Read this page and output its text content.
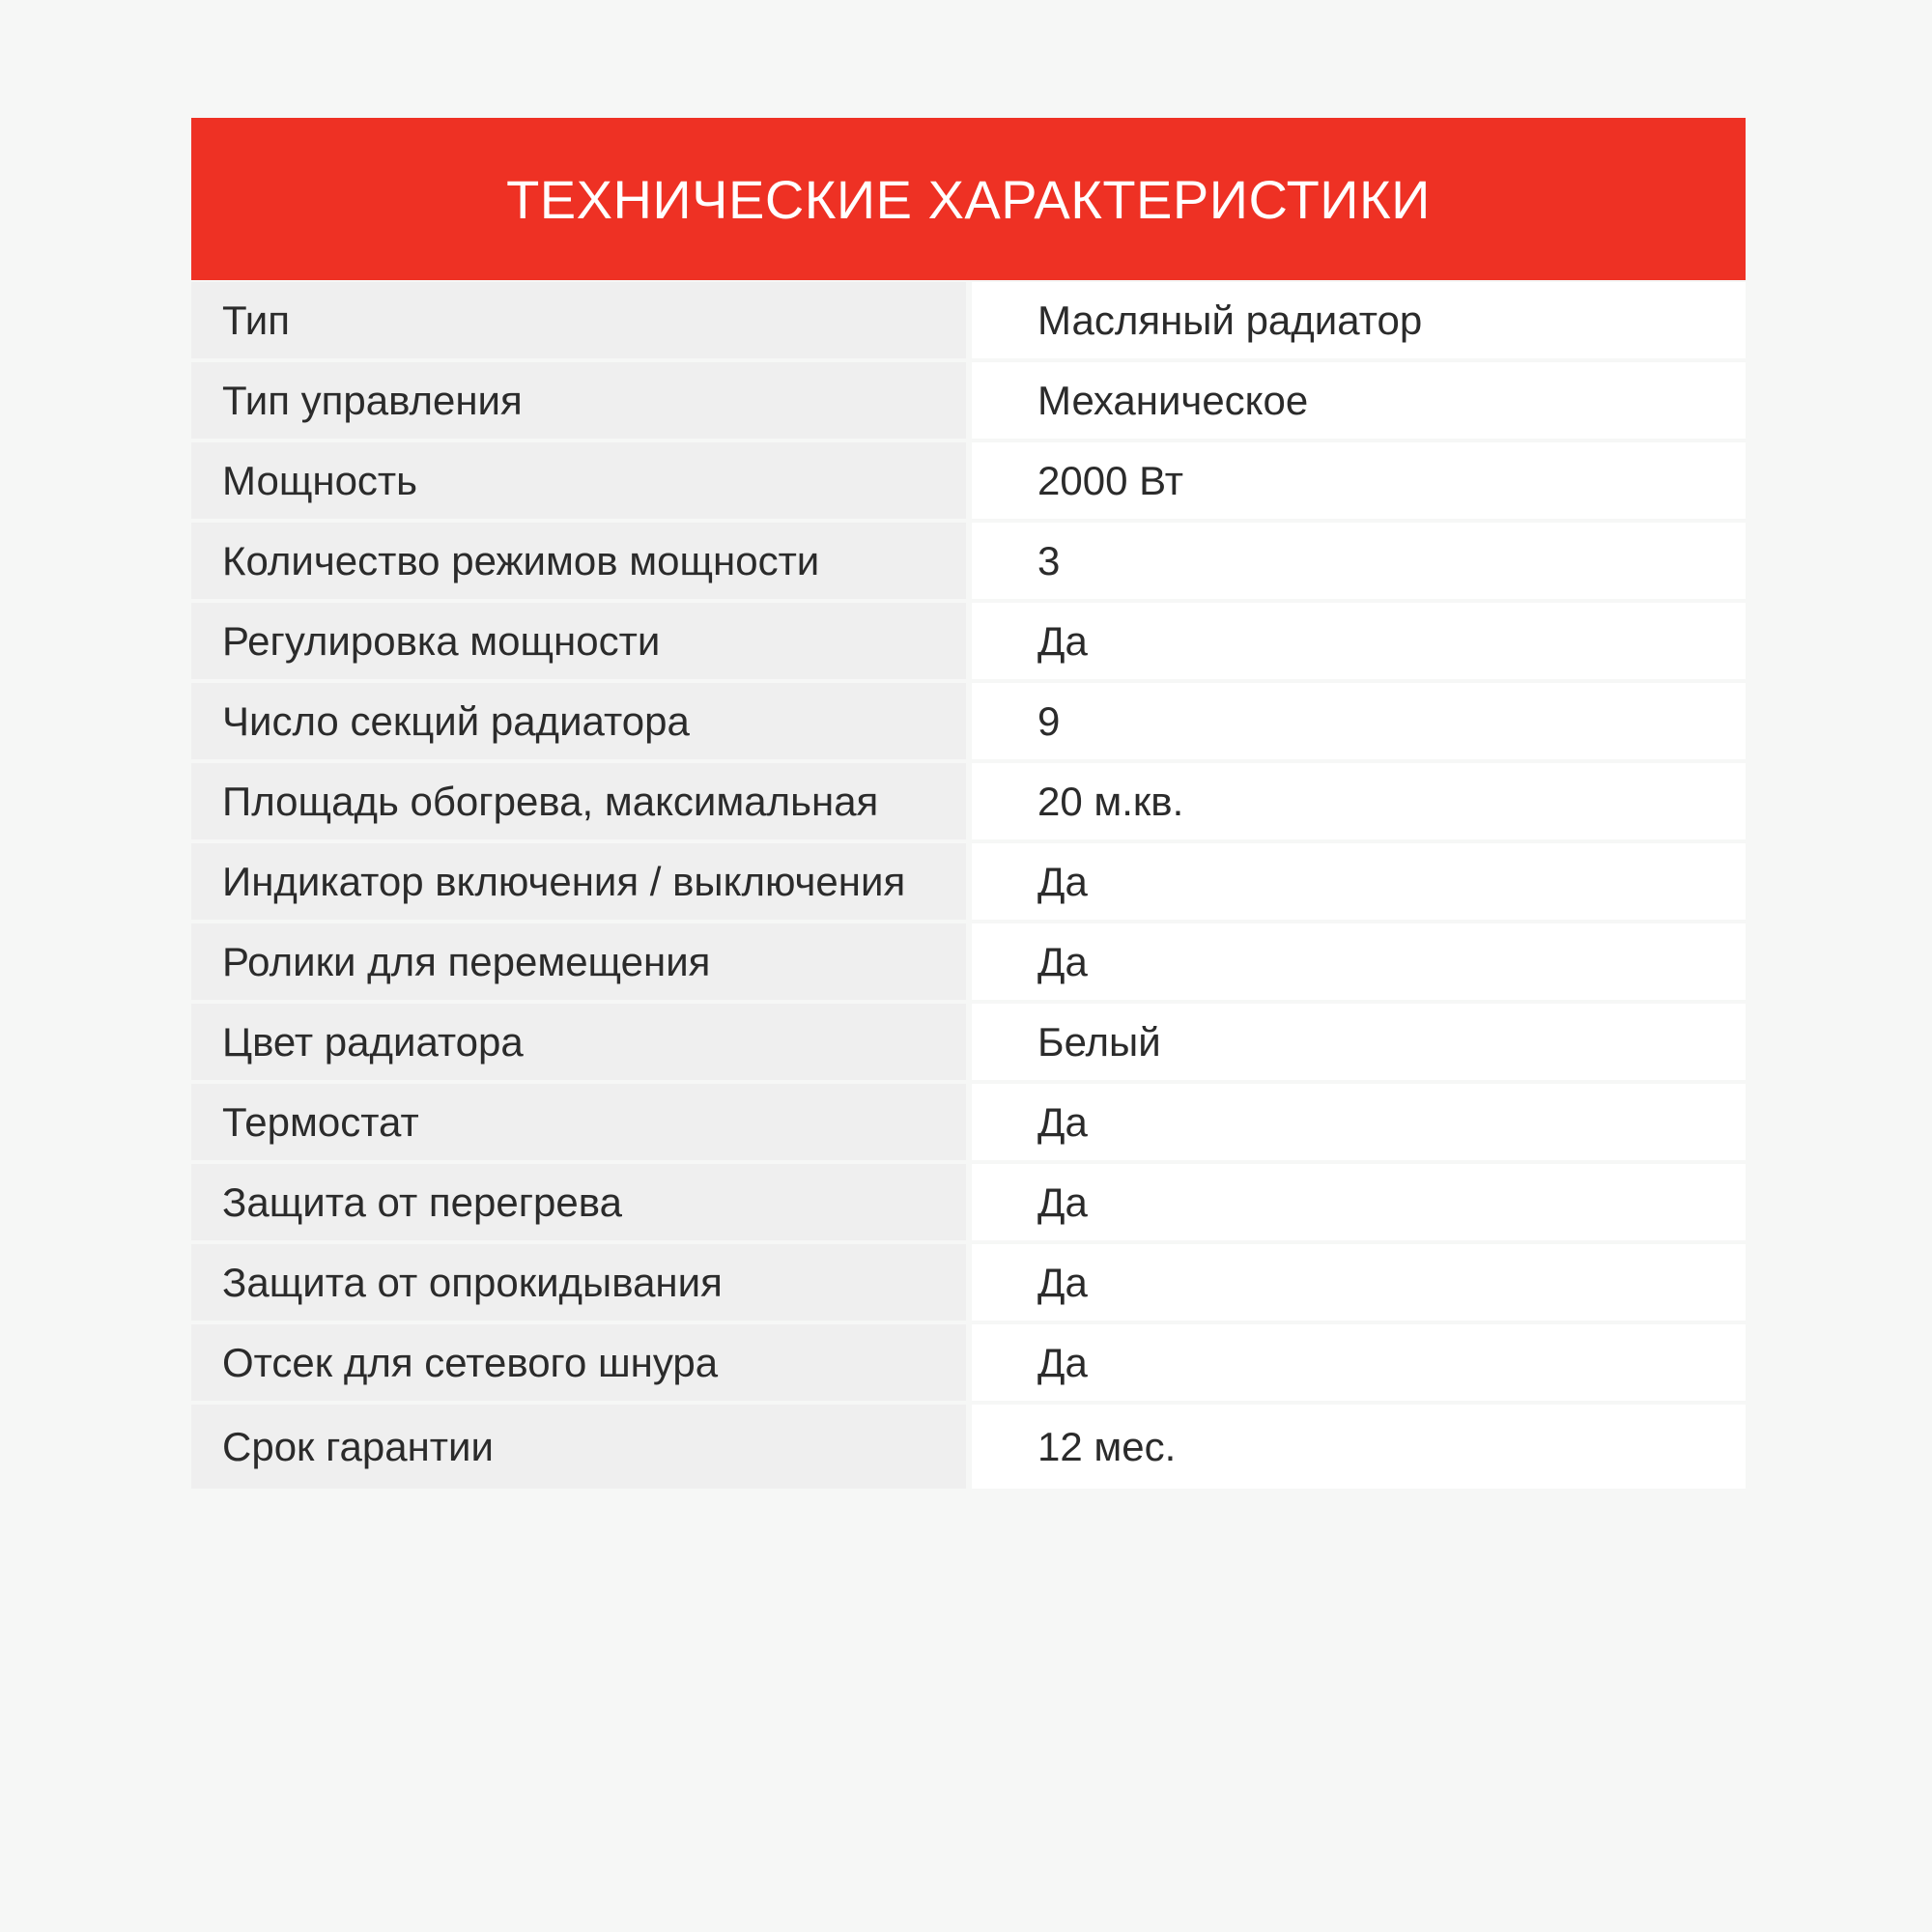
ТЕХНИЧЕСКИЕ ХАРАКТЕРИСТИКИ
Тип	Масляный радиатор
Тип управления	Механическое
Мощность	2000 Вт
Количество режимов мощности	3
Регулировка мощности	Да
Число секций радиатора	9
Площадь обогрева, максимальная	20 м.кв.
Индикатор включения / выключения	Да
Ролики для перемещения	Да
Цвет радиатора	Белый
Термостат	Да
Защита от перегрева	Да
Защита от опрокидывания	Да
Отсек для сетевого шнура	Да
Срок гарантии	12 мес.
